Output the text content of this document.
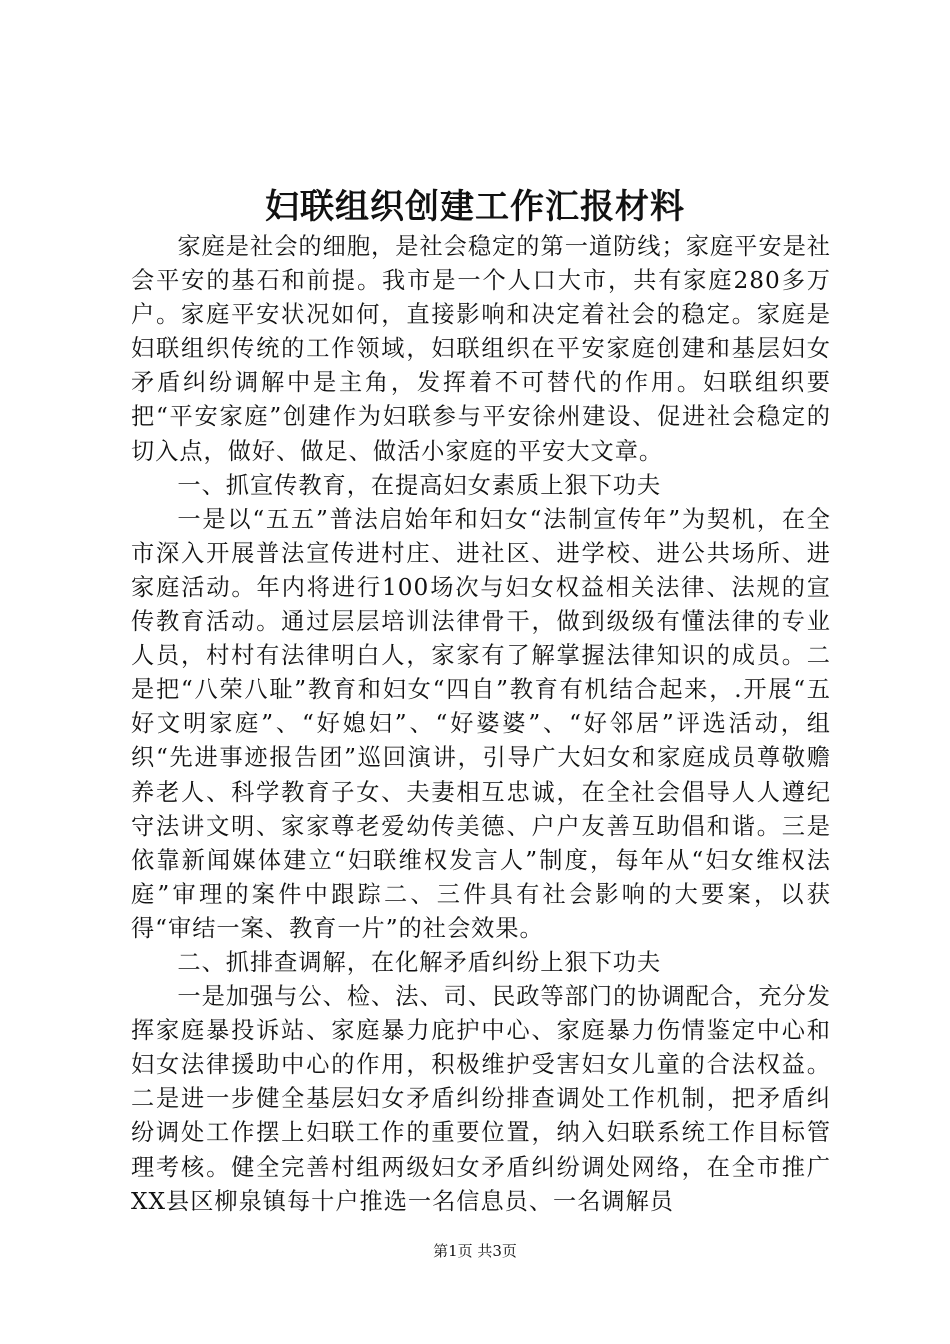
妇联组织创建工作汇报材料

家庭是社会的细胞，是社会稳定的第一道防线；家庭平安是社会平安的基石和前提。我市是一个人口大市，共有家庭280多万户。家庭平安状况如何，直接影响和决定着社会的稳定。家庭是妇联组织传统的工作领域，妇联组织在平安家庭创建和基层妇女矛盾纠纷调解中是主角，发挥着不可替代的作用。妇联组织要把“平安家庭”创建作为妇联参与平安徐州建设、促进社会稳定的切入点，做好、做足、做活小家庭的平安大文章。

一、抓宣传教育，在提高妇女素质上狠下功夫

一是以“五五”普法启始年和妇女“法制宣传年”为契机，在全市深入开展普法宣传进村庄、进社区、进学校、进公共场所、进家庭活动。年内将进行100场次与妇女权益相关法律、法规的宣传教育活动。通过层层培训法律骨干，做到级级有懂法律的专业人员，村村有法律明白人，家家有了解掌握法律知识的成员。二是把“八荣八耻”教育和妇女“四自”教育有机结合起来，.开展“五好文明家庭”、“好媳妇”、“好婆婆”、“好邻居”评选活动，组织“先进事迹报告团”巡回演讲，引导广大妇女和家庭成员尊敬赡养老人、科学教育子女、夫妻相互忠诚，在全社会倡导人人遵纪守法讲文明、家家尊老爱幼传美德、户户友善互助倡和谐。三是依靠新闻媒体建立“妇联维权发言人”制度，每年从“妇女维权法庭”审理的案件中跟踪二、三件具有社会影响的大要案，以获得“审结一案、教育一片”的社会效果。

二、抓排查调解，在化解矛盾纠纷上狠下功夫

一是加强与公、检、法、司、民政等部门的协调配合，充分发挥家庭暴投诉站、家庭暴力庇护中心、家庭暴力伤情鉴定中心和妇女法律援助中心的作用，积极维护受害妇女儿童的合法权益。二是进一步健全基层妇女矛盾纠纷排查调处工作机制，把矛盾纠纷调处工作摆上妇联工作的重要位置，纳入妇联系统工作目标管理考核。健全完善村组两级妇女矛盾纠纷调处网络，在全市推广XX县区柳泉镇每十户推选一名信息员、一名调解员

第1页 共3页
